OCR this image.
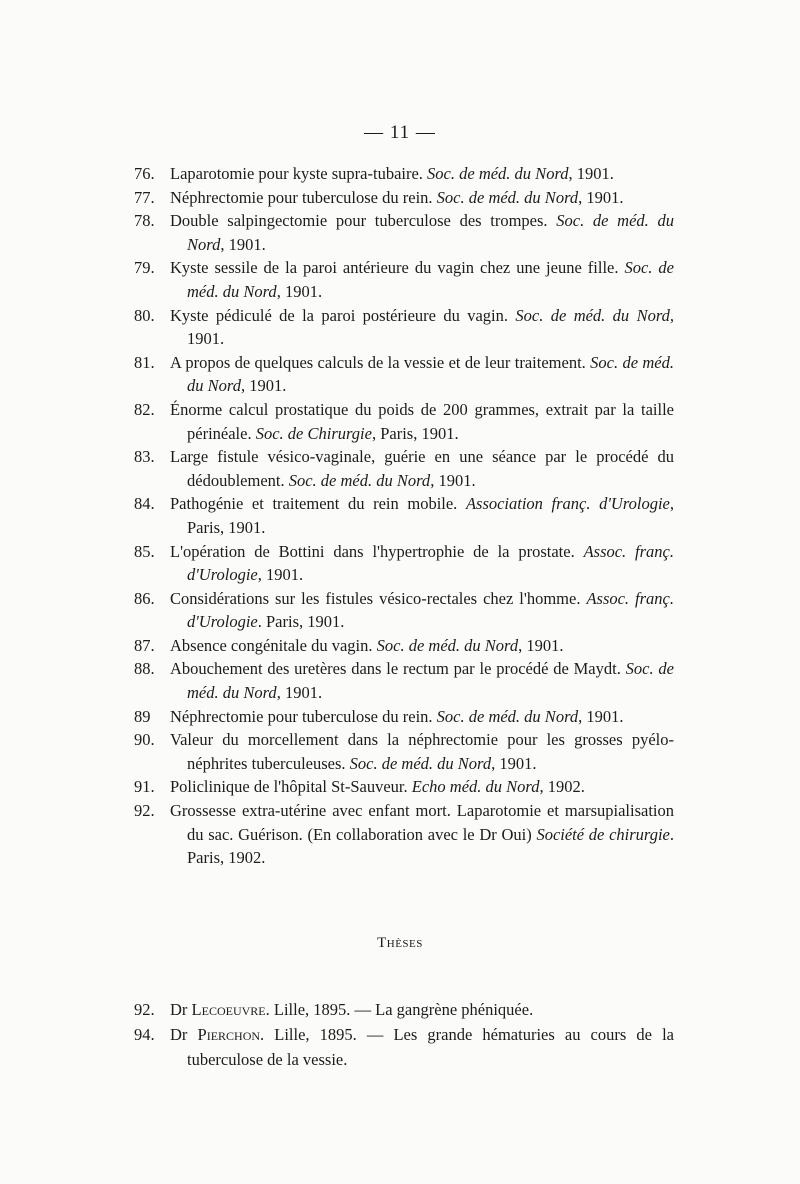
— 11 —
76. Laparotomie pour kyste supra-tubaire. Soc. de méd. du Nord, 1901.
77. Néphrectomie pour tuberculose du rein. Soc. de méd. du Nord, 1901.
78. Double salpingectomie pour tuberculose des trompes. Soc. de méd. du Nord, 1901.
79. Kyste sessile de la paroi antérieure du vagin chez une jeune fille. Soc. de méd. du Nord, 1901.
80. Kyste pédiculé de la paroi postérieure du vagin. Soc. de méd. du Nord, 1901.
81. A propos de quelques calculs de la vessie et de leur traitement. Soc. de méd. du Nord, 1901.
82. Énorme calcul prostatique du poids de 200 grammes, extrait par la taille périnéale. Soc. de Chirurgie, Paris, 1901.
83. Large fistule vésico-vaginale, guérie en une séance par le procédé du dédoublement. Soc. de méd. du Nord, 1901.
84. Pathogénie et traitement du rein mobile. Association franç. d'Urologie, Paris, 1901.
85. L'opération de Bottini dans l'hypertrophie de la prostate. Assoc. franç. d'Urologie, 1901.
86. Considérations sur les fistules vésico-rectales chez l'homme. Assoc. franç. d'Urologie. Paris, 1901.
87. Absence congénitale du vagin. Soc. de méd. du Nord, 1901.
88. Abouchement des uretères dans le rectum par le procédé de Maydt. Soc. de méd. du Nord, 1901.
89 Néphrectomie pour tuberculose du rein. Soc. de méd. du Nord, 1901.
90. Valeur du morcellement dans la néphrectomie pour les grosses pyélo-néphrites tuberculeuses. Soc. de méd. du Nord, 1901.
91. Policlinique de l'hôpital St-Sauveur. Echo méd. du Nord, 1902.
92. Grossesse extra-utérine avec enfant mort. Laparotomie et marsupialisation du sac. Guérison. (En collaboration avec le Dr Oui) Société de chirurgie. Paris, 1902.
Thèses
92. Dr Lecoeuvre. Lille, 1895. — La gangrène phéniquée.
94. Dr Pierchon. Lille, 1895. — Les grande hématuries au cours de la tuberculose de la vessie.
